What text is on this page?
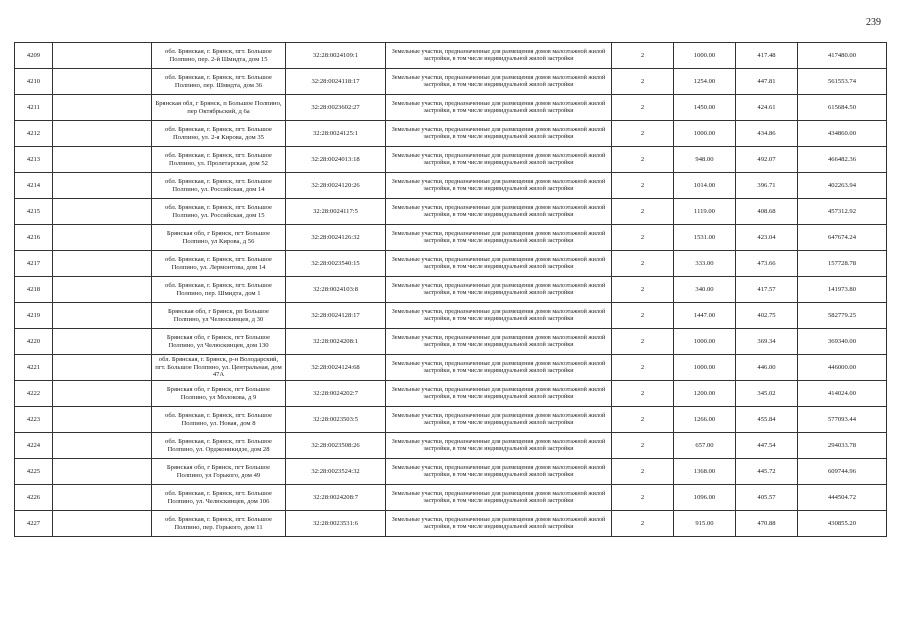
239
4209		обл. Брянская, г. Брянск, пгт. Большое Полпино, пер. 2-й Шмидта, дом 15	32:28:0024109:1	Земельные участки, предназначенные для размещения домов малоэтажной жилой застройки, в том числе индивидуальной жилой застройки	2	1000.00	417.48	417480.00
4210		обл. Брянская, г. Брянск, пгт. Большое Полпино, пер. Шмидта, дом 36	32:28:0024118:17	Земельные участки, предназначенные для размещения домов малоэтажной жилой застройки, в том числе индивидуальной жилой застройки	2	1254.00	447.81	561553.74
4211		Брянская обл, г Брянск, п Большое Полпино, пер Октябрьский, д 6а	32:28:0023602:27	Земельные участки, предназначенные для размещения домов малоэтажной жилой застройки, в том числе индивидуальной жилой застройки	2	1450.00	424.61	615684.50
4212		обл. Брянская, г. Брянск, пгт. Большое Полпино, ул. 2-я Кирова, дом 35	32:28:0024125:1	Земельные участки, предназначенные для размещения домов малоэтажной жилой застройки, в том числе индивидуальной жилой застройки	2	1000.00	434.86	434860.00
4213		обл. Брянская, г. Брянск, пгт. Большое Полпино, ул. Пролетарская, дом 52	32:28:0024013:18	Земельные участки, предназначенные для размещения домов малоэтажной жилой застройки, в том числе индивидуальной жилой застройки	2	948.00	492.07	466482.36
4214		обл. Брянская, г. Брянск, пгт. Большое Полпино, ул. Российская, дом 14	32:28:0024120:26	Земельные участки, предназначенные для размещения домов малоэтажной жилой застройки, в том числе индивидуальной жилой застройки	2	1014.00	396.71	402263.94
4215		обл. Брянская, г. Брянск, пгт. Большое Полпино, ул. Российская, дом 15	32:28:0024117:5	Земельные участки, предназначенные для размещения домов малоэтажной жилой застройки, в том числе индивидуальной жилой застройки	2	1119.00	408.68	457312.92
4216		Брянская обл, г Брянск, пгт Большое Полпино, ул Кирова, д 56	32:28:0024126:32	Земельные участки, предназначенные для размещения домов малоэтажной жилой застройки, в том числе индивидуальной жилой застройки	2	1531.00	423.04	647674.24
4217		обл. Брянская, г. Брянск, пгт. Большое Полпино, ул. Лермонтова, дом 14	32:28:0023540:15	Земельные участки, предназначенные для размещения домов малоэтажной жилой застройки, в том числе индивидуальной жилой застройки	2	333.00	473.66	157728.78
4218		обл. Брянская, г. Брянск, пгт. Большое Полпино, пер. Шмидта, дом 1	32:28:0024103:8	Земельные участки, предназначенные для размещения домов малоэтажной жилой застройки, в том числе индивидуальной жилой застройки	2	340.00	417.57	141973.80
4219		Брянская обл, г Брянск, рп Большое Полпино, ул Челюскинцев, д 30	32:28:0024128:17	Земельные участки, предназначенные для размещения домов малоэтажной жилой застройки, в том числе индивидуальной жилой застройки	2	1447.00	402.75	582779.25
4220		Брянская обл, г Брянск, пгт Большое Полпино, ул Челюскинцев, дом 130	32:28:0024208:1	Земельные участки, предназначенные для размещения домов малоэтажной жилой застройки, в том числе индивидуальной жилой застройки	2	1000.00	369.34	369340.00
4221		обл. Брянская, г. Брянск, р-н Володарский, пгт. Большое Полпино, ул. Центральная, дом 47А	32:28:0024124:68	Земельные участки, предназначенные для размещения домов малоэтажной жилой застройки, в том числе индивидуальной жилой застройки	2	1000.00	446.00	446000.00
4222		Брянская обл, г Брянск, пгт Большое Полпино, ул Молокова, д 9	32:28:0024202:7	Земельные участки, предназначенные для размещения домов малоэтажной жилой застройки, в том числе индивидуальной жилой застройки	2	1200.00	345.02	414024.00
4223		обл. Брянская, г. Брянск, пгт. Большое Полпино, ул. Новая, дом 8	32:28:0023503:5	Земельные участки, предназначенные для размещения домов малоэтажной жилой застройки, в том числе индивидуальной жилой застройки	2	1266.00	455.84	577093.44
4224		обл. Брянская, г. Брянск, пгт. Большое Полпино, ул. Орджоникидзе, дом 28	32:28:0023508:26	Земельные участки, предназначенные для размещения домов малоэтажной жилой застройки, в том числе индивидуальной жилой застройки	2	657.00	447.54	294033.78
4225		Брянская обл, г Брянск, пгт Большое Полпино, ул Горького, дом 49	32:28:0023524:32	Земельные участки, предназначенные для размещения домов малоэтажной жилой застройки, в том числе индивидуальной жилой застройки	2	1368.00	445.72	609744.96
4226		обл. Брянская, г. Брянск, пгт. Большое Полпино, ул. Челюскинцев, дом 106	32:28:0024208:7	Земельные участки, предназначенные для размещения домов малоэтажной жилой застройки, в том числе индивидуальной жилой застройки	2	1096.00	405.57	444504.72
4227		обл. Брянская, г. Брянск, пгт. Большое Полпино, пер. Горького, дом 11	32:28:0023531:6	Земельные участки, предназначенные для размещения домов малоэтажной жилой застройки, в том числе индивидуальной жилой застройки	2	915.00	470.88	430855.20
